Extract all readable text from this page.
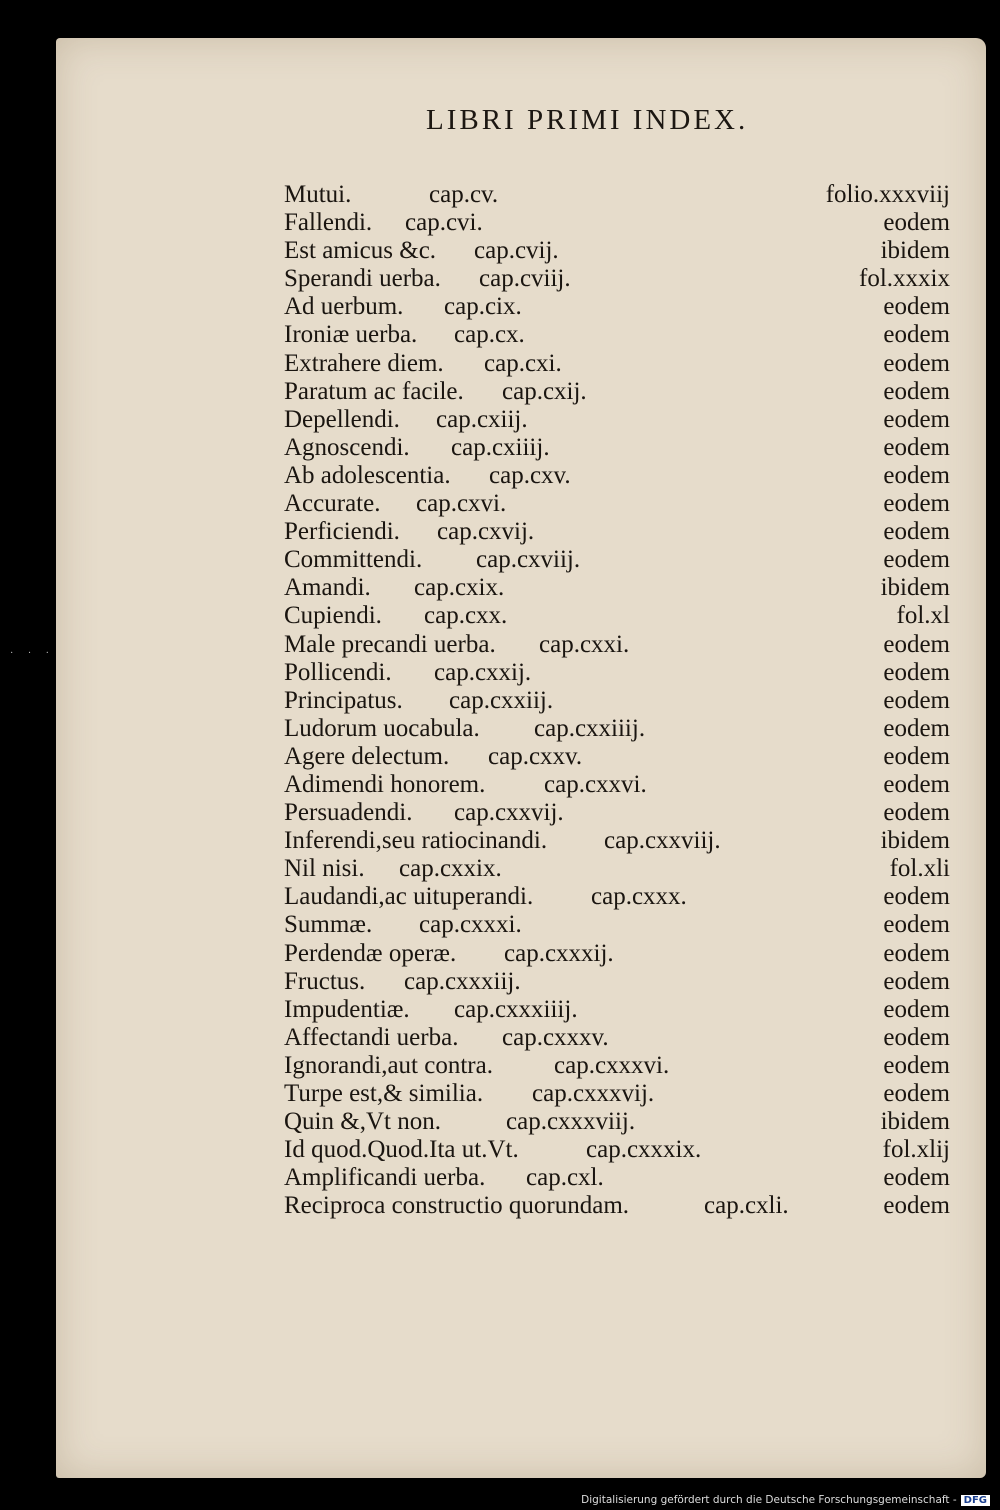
LIBRI PRIMI INDEX.
Mutui.	cap.cv.	folio.xxxviij
Fallendi. cap.cvi.	eodem
Est amicus &c. cap.cvij.	ibidem
Sperandi uerba. cap.cviij.	fol.xxxix
Ad uerbum. cap.cix.	eodem
Ironiæ uerba. cap.cx.	eodem
Extrahere diem. cap.cxi.	eodem
Paratum ac facile. cap.cxij.	eodem
Depellendi. cap.cxiij.	eodem
Agnoscendi. cap.cxiiij.	eodem
Ab adolescentia. cap.cxv.	eodem
Accurate. cap.cxvi.	eodem
Perficiendi. cap.cxvij.	eodem
Committendi. cap.cxviij.	eodem
Amandi. cap.cxix.	ibidem
Cupiendi. cap.cxx.	fol.xl
Male precandi uerba. cap.cxxi.	eodem
Pollicendi. cap.cxxij.	eodem
Principatus. cap.cxxiij.	eodem
Ludorum uocabula. cap.cxxiiij.	eodem
Agere delectum. cap.cxxv.	eodem
Adimendi honorem. cap.cxxvi.	eodem
Persuadendi. cap.cxxvij.	eodem
Inferendi,seu ratiocinandi. cap.cxxviij.	ibidem
Nil nisi. cap.cxxix.	fol.xli
Laudandi,ac uituperandi. cap.cxxx.	eodem
Summæ. cap.cxxxi.	eodem
Perdendæ operæ. cap.cxxxij.	eodem
Fructus. cap.cxxxiij.	eodem
Impudentiæ. cap.cxxxiiij.	eodem
Affectandi uerba. cap.cxxxv.	eodem
Ignorandi,aut contra. cap.cxxxvi.	eodem
Turpe est,& similia. cap.cxxxvij.	eodem
Quin &,Vt non.	cap.cxxxviij.	ibidem
Id quod.Quod.Ita ut.Vt.	cap.cxxxix.	fol.xlij
Amplificandi uerba. cap.cxl.	eodem
Reciproca constructio quorundam.	cap.cxli.	eodem
· · ·
Digitalisierung gefördert durch die Deutsche Forschungsgemeinschaft - DFG
